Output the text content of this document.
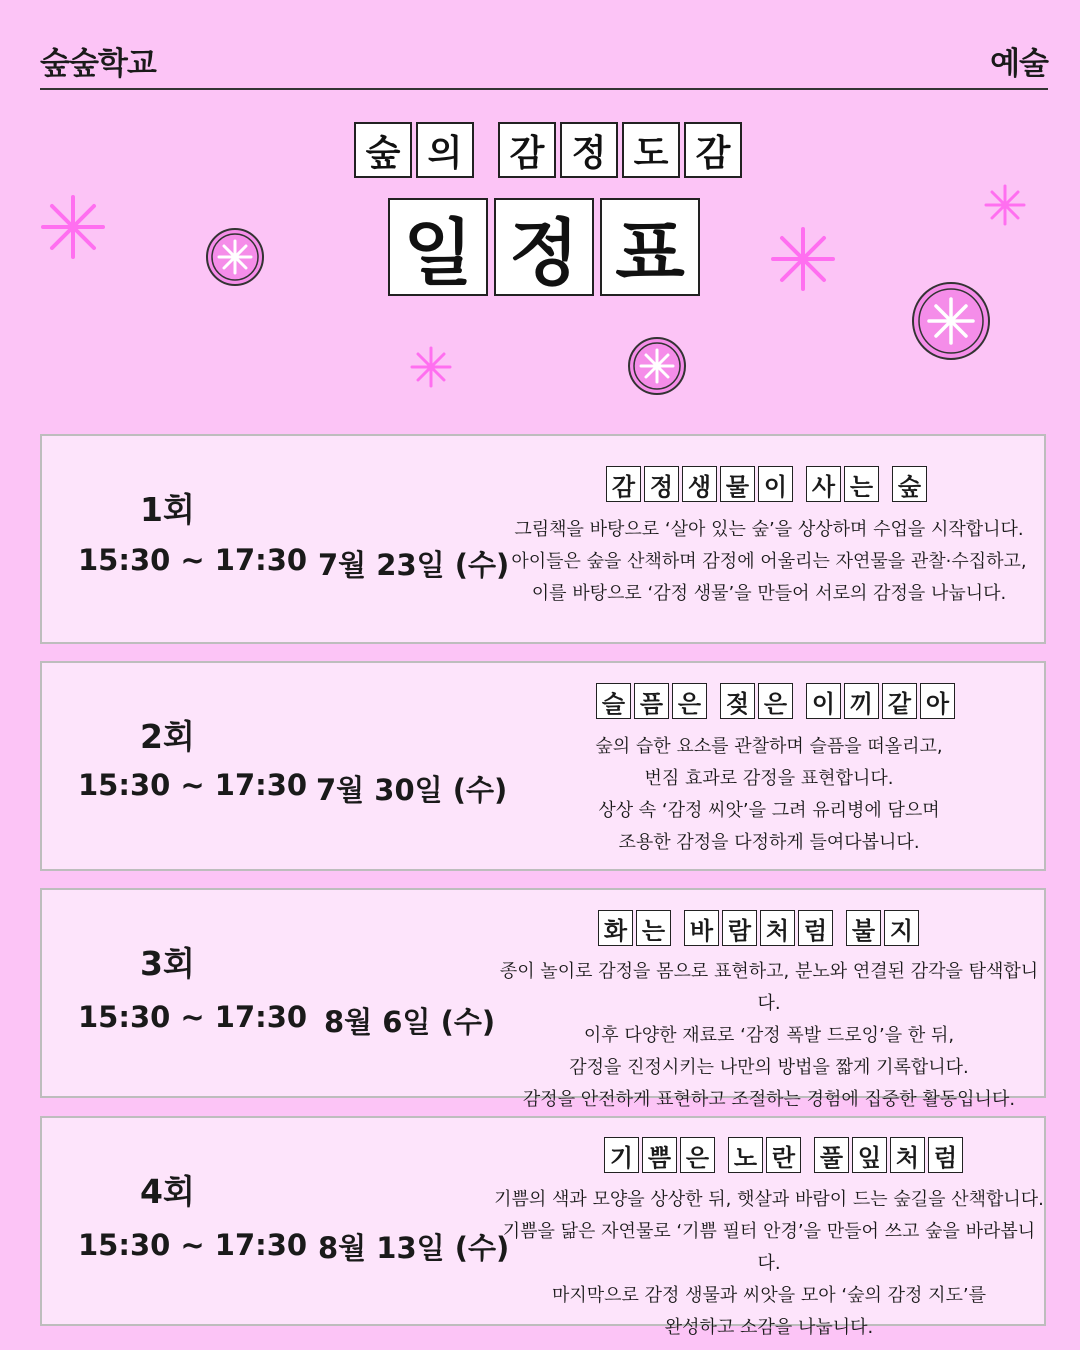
숲숲학교	예술
숲 의	감 정 도 감
일 정 표
1회
15:30 ~ 17:30 7월 23일 (수)
감 정 생 물 이 사 는 숲
그림책을 바탕으로 ‘살아 있는 숲’을 상상하며 수업을 시작합니다.
아이들은 숲을 산책하며 감정에 어울리는 자연물을 관찰·수집하고,
이를 바탕으로 ‘감정 생물’을 만들어 서로의 감정을 나눕니다.
2회
15:30 ~ 17:30 7월 30일 (수)
슬 픔 은 젖 은 이 끼 같 아
숲의 습한 요소를 관찰하며 슬픔을 떠올리고,
번짐 효과로 감정을 표현합니다.
상상 속 ‘감정 씨앗’을 그려 유리병에 담으며
조용한 감정을 다정하게 들여다봅니다.
3회
15:30 ~ 17:30 8월 6일 (수)
화 는 바 람 처 럼 불 지
종이 놀이로 감정을 몸으로 표현하고, 분노와 연결된 감각을 탐색합니다.
이후 다양한 재료로 ‘감정 폭발 드로잉’을 한 뒤,
감정을 진정시키는 나만의 방법을 짧게 기록합니다.
감정을 안전하게 표현하고 조절하는 경험에 집중한 활동입니다.
4회
15:30 ~ 17:30 8월 13일 (수)
기 쁨 은 노 란 풀 잎 처 럼
기쁨의 색과 모양을 상상한 뒤, 햇살과 바람이 드는 숲길을 산책합니다.
기쁨을 닮은 자연물로 ‘기쁨 필터 안경’을 만들어 쓰고 숲을 바라봅니다.
마지막으로 감정 생물과 씨앗을 모아 ‘숲의 감정 지도’를
완성하고 소감을 나눕니다.
